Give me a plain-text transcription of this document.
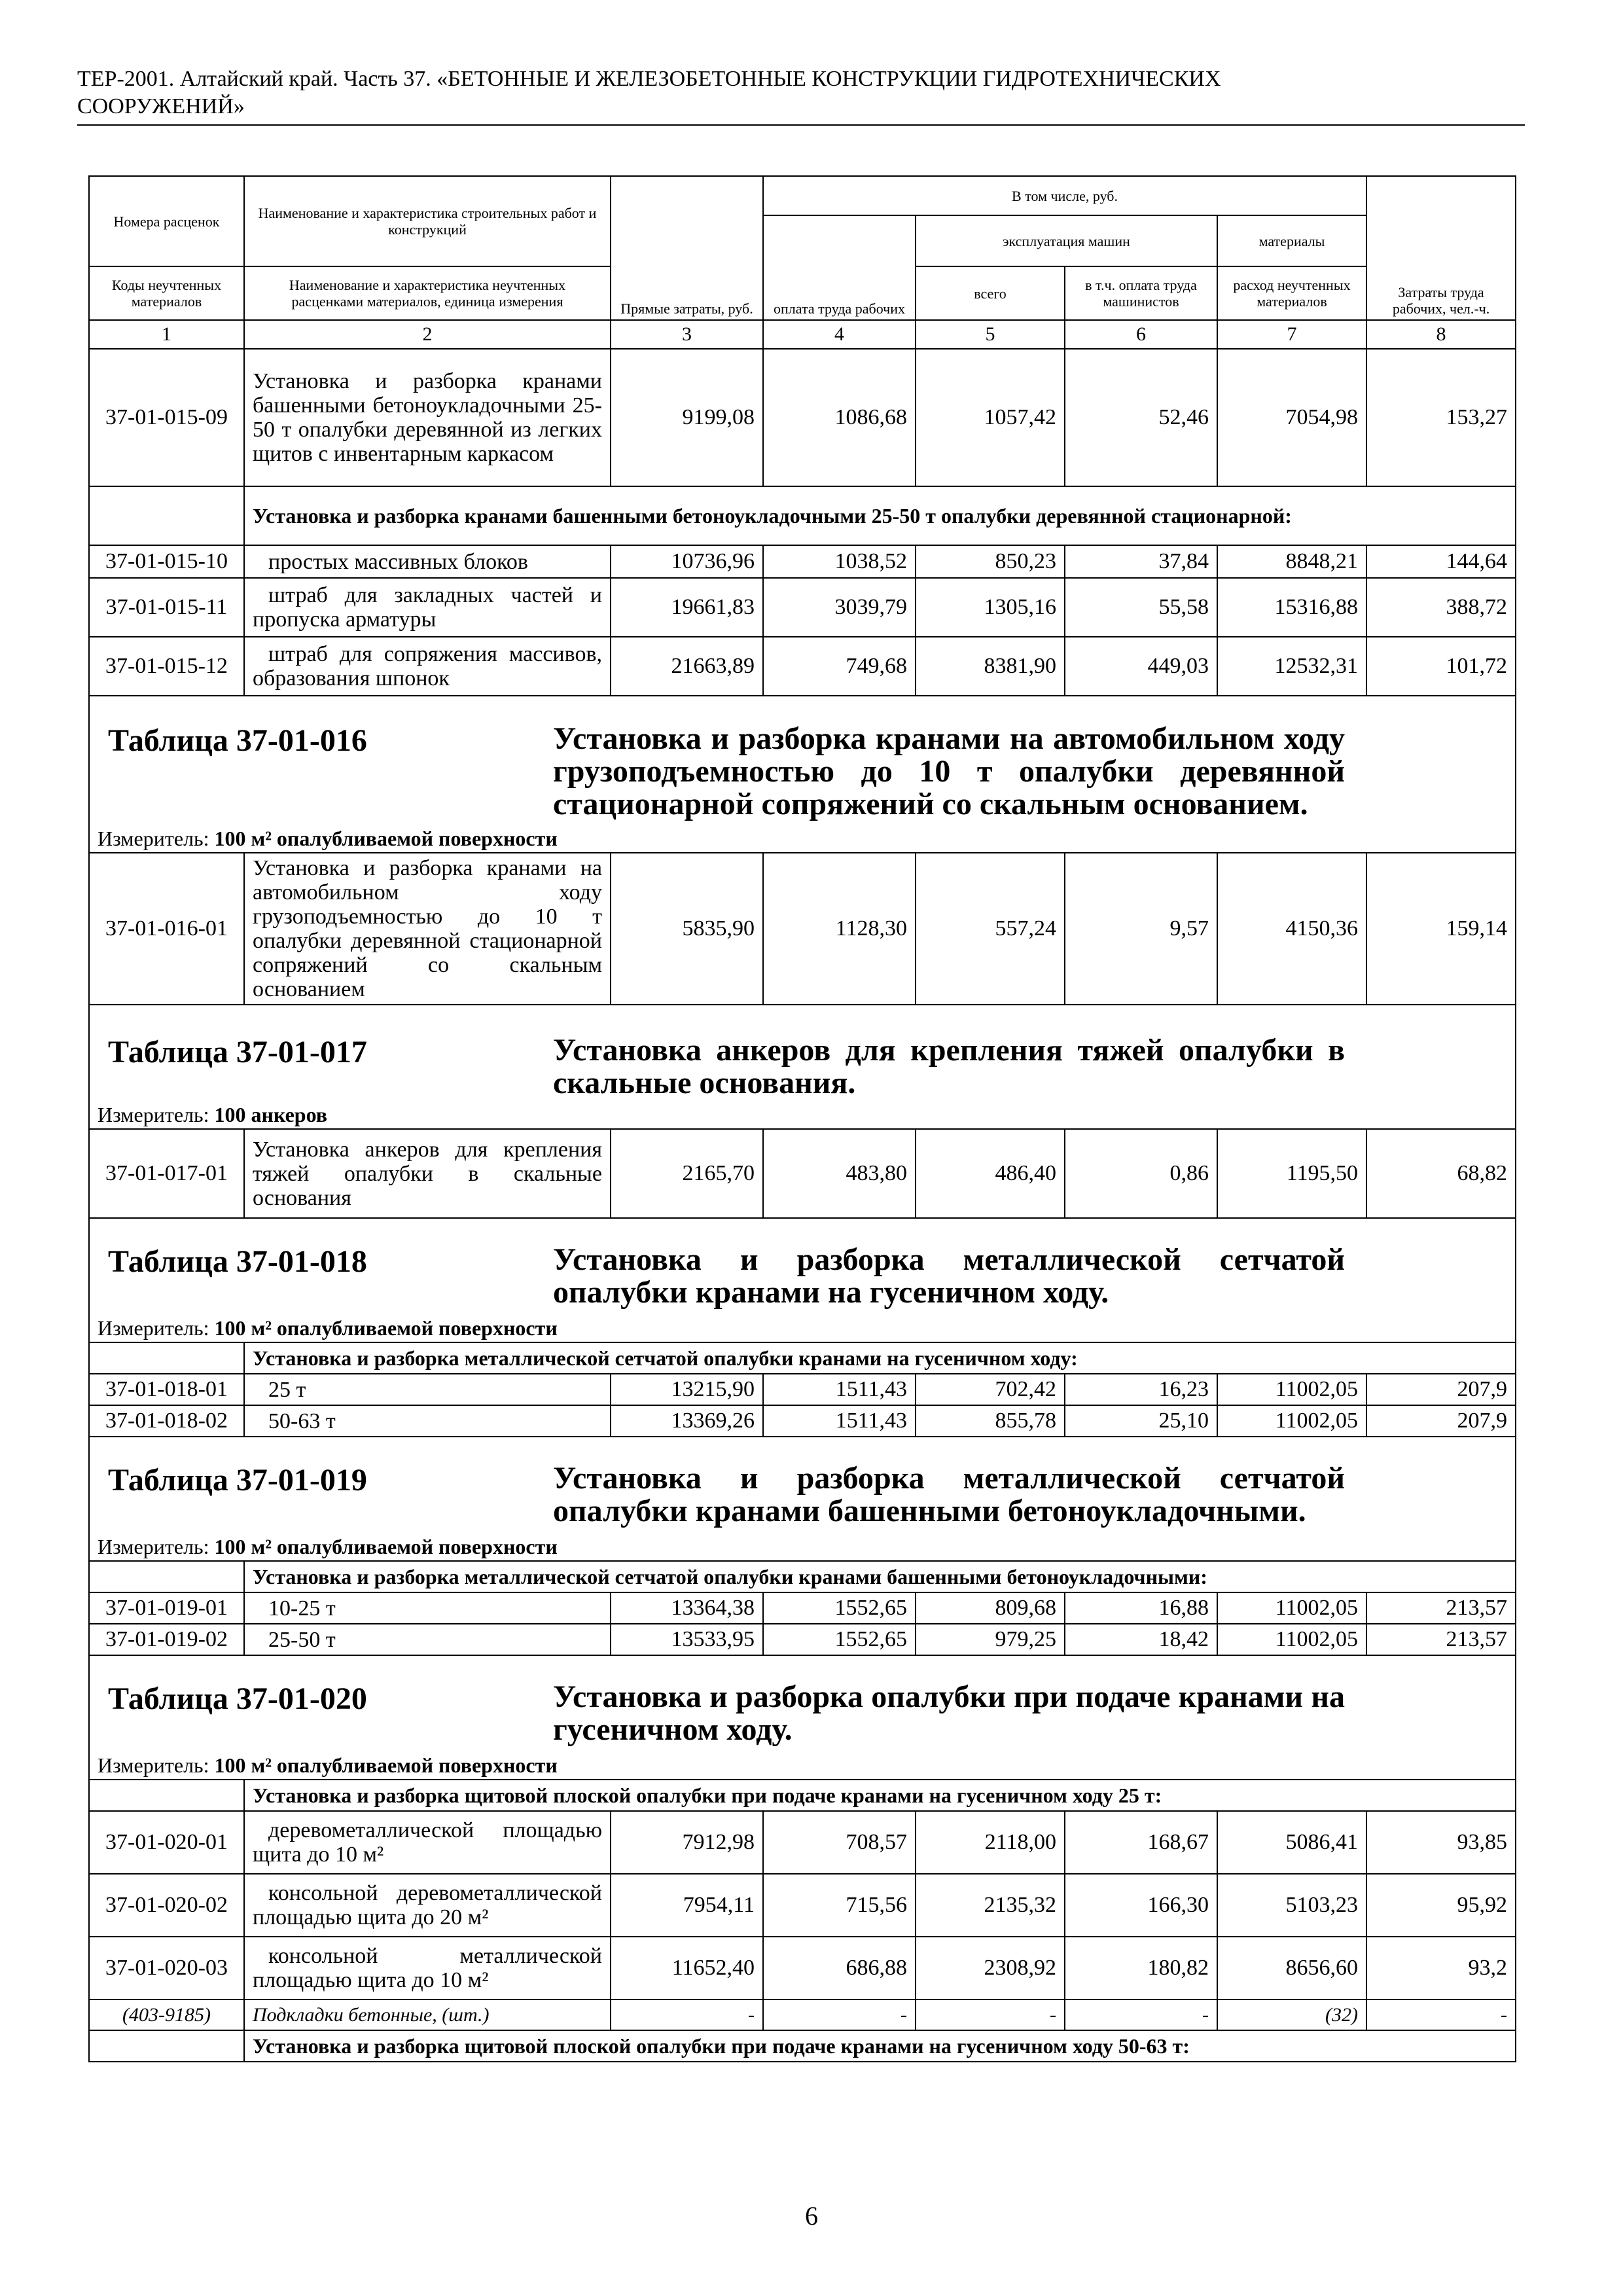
ТЕР-2001. Алтайский край. Часть 37. «БЕТОННЫЕ И ЖЕЛЕЗОБЕТОННЫЕ КОНСТРУКЦИИ ГИДРОТЕХНИЧЕСКИХ
СООРУЖЕНИЙ»
Номера расценок	Наименование и характеристика строительных работ и конструкций	Прямые затраты, руб.	В том числе, руб.				Затраты труда рабочих, чел.-ч.
			оплата труда рабочих	эксплуатация машин		материалы	
Коды неучтенных материалов	Наименование и характеристика неучтенных расценками материалов, единица измерения			всего	в т.ч. оплата труда машинистов	расход неучтенных материалов	
1	2	3	4	5	6	7	8
37-01-015-09	Установка и разборка кранами башенными бетоноукладочными 25-50 т опалубки деревянной из легких щитов с инвентарным каркасом	9199,08	1086,68	1057,42	52,46	7054,98	153,27
	Установка и разборка кранами башенными бетоноукладочными 25-50 т опалубки деревянной стационарной:						
37-01-015-10	простых массивных блоков	10736,96	1038,52	850,23	37,84	8848,21	144,64
37-01-015-11	штраб для закладных частей и пропуска арматуры	19661,83	3039,79	1305,16	55,58	15316,88	388,72
37-01-015-12	штраб для сопряжения массивов, образования шпонок	21663,89	749,68	8381,90	449,03	12532,31	101,72
Таблица 37-01-016 Установка и разборка кранами на автомобильном ходу грузоподъемностью до 10 т опалубки деревянной стационарной сопряжений со скальным основанием.							
Измеритель: 100 м² опалубливаемой поверхности							
37-01-016-01	Установка и разборка кранами на автомобильном ходу грузоподъемностью до 10 т опалубки деревянной стационарной сопряжений со скальным основанием	5835,90	1128,30	557,24	9,57	4150,36	159,14
Таблица 37-01-017 Установка анкеров для крепления тяжей опалубки в скальные основания.							
Измеритель: 100 анкеров							
37-01-017-01	Установка анкеров для крепления тяжей опалубки в скальные основания	2165,70	483,80	486,40	0,86	1195,50	68,82
Таблица 37-01-018 Установка и разборка металлической сетчатой опалубки кранами на гусеничном ходу.							
Измеритель: 100 м² опалубливаемой поверхности							
	Установка и разборка металлической сетчатой опалубки кранами на гусеничном ходу:						
37-01-018-01	25 т	13215,90	1511,43	702,42	16,23	11002,05	207,9
37-01-018-02	50-63 т	13369,26	1511,43	855,78	25,10	11002,05	207,9
Таблица 37-01-019 Установка и разборка металлической сетчатой опалубки кранами башенными бетоноукладочными.							
Измеритель: 100 м² опалубливаемой поверхности							
	Установка и разборка металлической сетчатой опалубки кранами башенными бетоноукладочными:						
37-01-019-01	10-25 т	13364,38	1552,65	809,68	16,88	11002,05	213,57
37-01-019-02	25-50 т	13533,95	1552,65	979,25	18,42	11002,05	213,57
Таблица 37-01-020 Установка и разборка опалубки при подаче кранами на гусеничном ходу.							
Измеритель: 100 м² опалубливаемой поверхности							
	Установка и разборка щитовой плоской опалубки при подаче кранами на гусеничном ходу 25 т:						
37-01-020-01	деревометаллической площадью щита до 10 м²	7912,98	708,57	2118,00	168,67	5086,41	93,85
37-01-020-02	консольной деревометаллической площадью щита до 20 м²	7954,11	715,56	2135,32	166,30	5103,23	95,92
37-01-020-03	консольной металлической площадью щита до 10 м²	11652,40	686,88	2308,92	180,82	8656,60	93,2
(403-9185)	Подкладки бетонные, (шт.)	-	-	-	-	(32)	-
	Установка и разборка щитовой плоской опалубки при подаче кранами на гусеничном ходу 50-63 т:						
6
